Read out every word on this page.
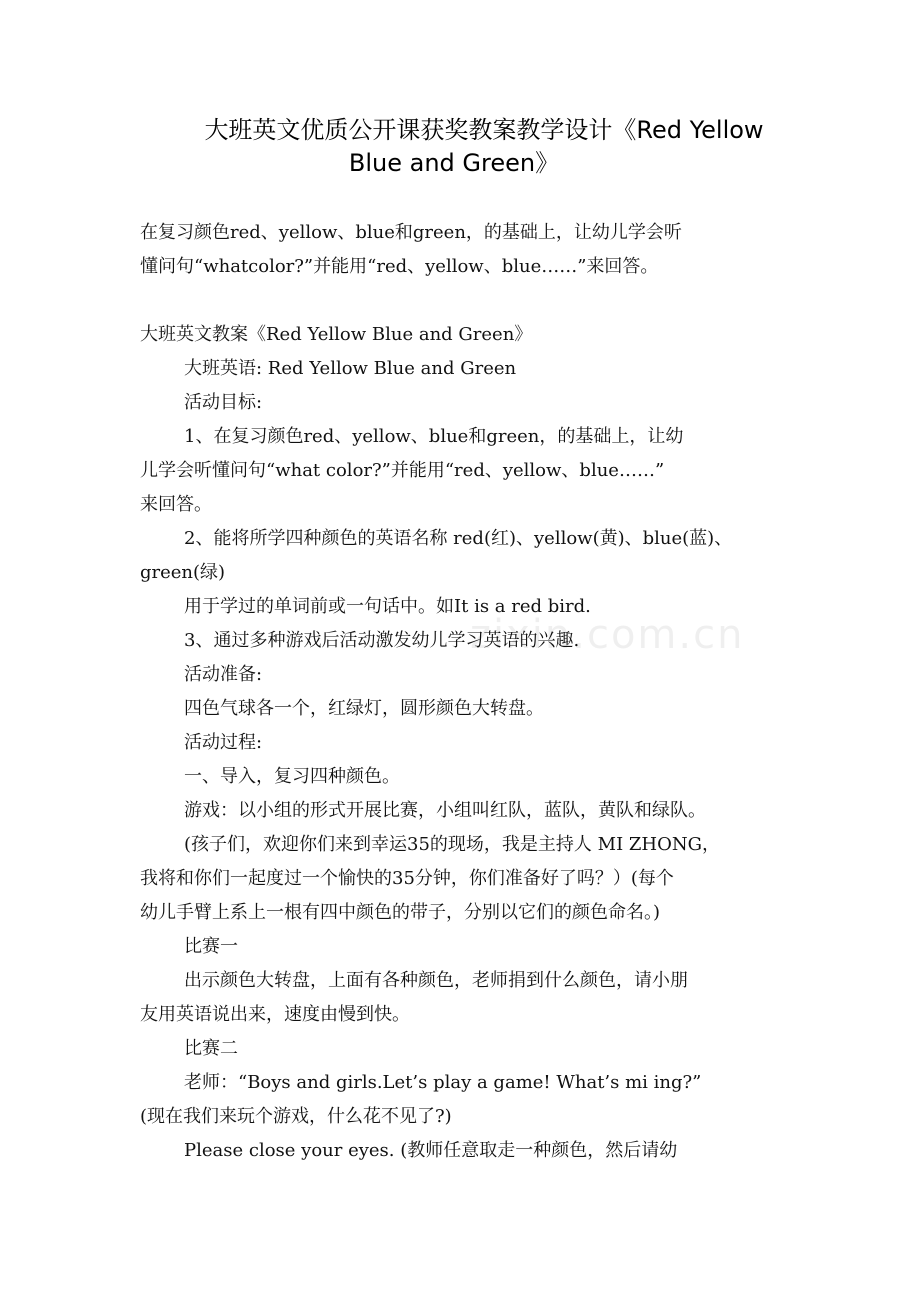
大班英文优质公开课获奖教案教学设计《Red Yellow
Blue and Green》

在复习颜色red、yellow、blue和green，的基础上，让幼儿学会听

懂问句“whatcolor?”并能用“red、yellow、blue……”来回答。

大班英文教案《Red Yellow Blue and Green》

大班英语: Red Yellow Blue and Green

活动目标:

1、在复习颜色red、yellow、blue和green，的基础上，让幼

儿学会听懂问句“what color?”并能用“red、yellow、blue……”

来回答。

2、能将所学四种颜色的英语名称 red(红)、yellow(黄)、blue(蓝)、

green(绿)

用于学过的单词前或一句话中。如It is a red bird.

3、通过多种游戏后活动激发幼儿学习英语的兴趣.

活动准备:

四色气球各一个，红绿灯，圆形颜色大转盘。

活动过程:

一、导入，复习四种颜色。

游戏：以小组的形式开展比赛，小组叫红队，蓝队，黄队和绿队。

(孩子们，欢迎你们来到幸运35的现场，我是主持人 MI ZHONG，

我将和你们一起度过一个愉快的35分钟，你们准备好了吗？）(每个

幼儿手臂上系上一根有四中颜色的带子，分别以它们的颜色命名。)

比赛一

出示颜色大转盘，上面有各种颜色，老师捐到什么颜色，请小朋

友用英语说出来，速度由慢到快。

比赛二

老师：“Boys and girls.Let’s play a game! What’s mi ing?”

(现在我们来玩个游戏，什么花不见了?)

Please close your eyes. (教师任意取走一种颜色，然后请幼

zixin.com.cn
